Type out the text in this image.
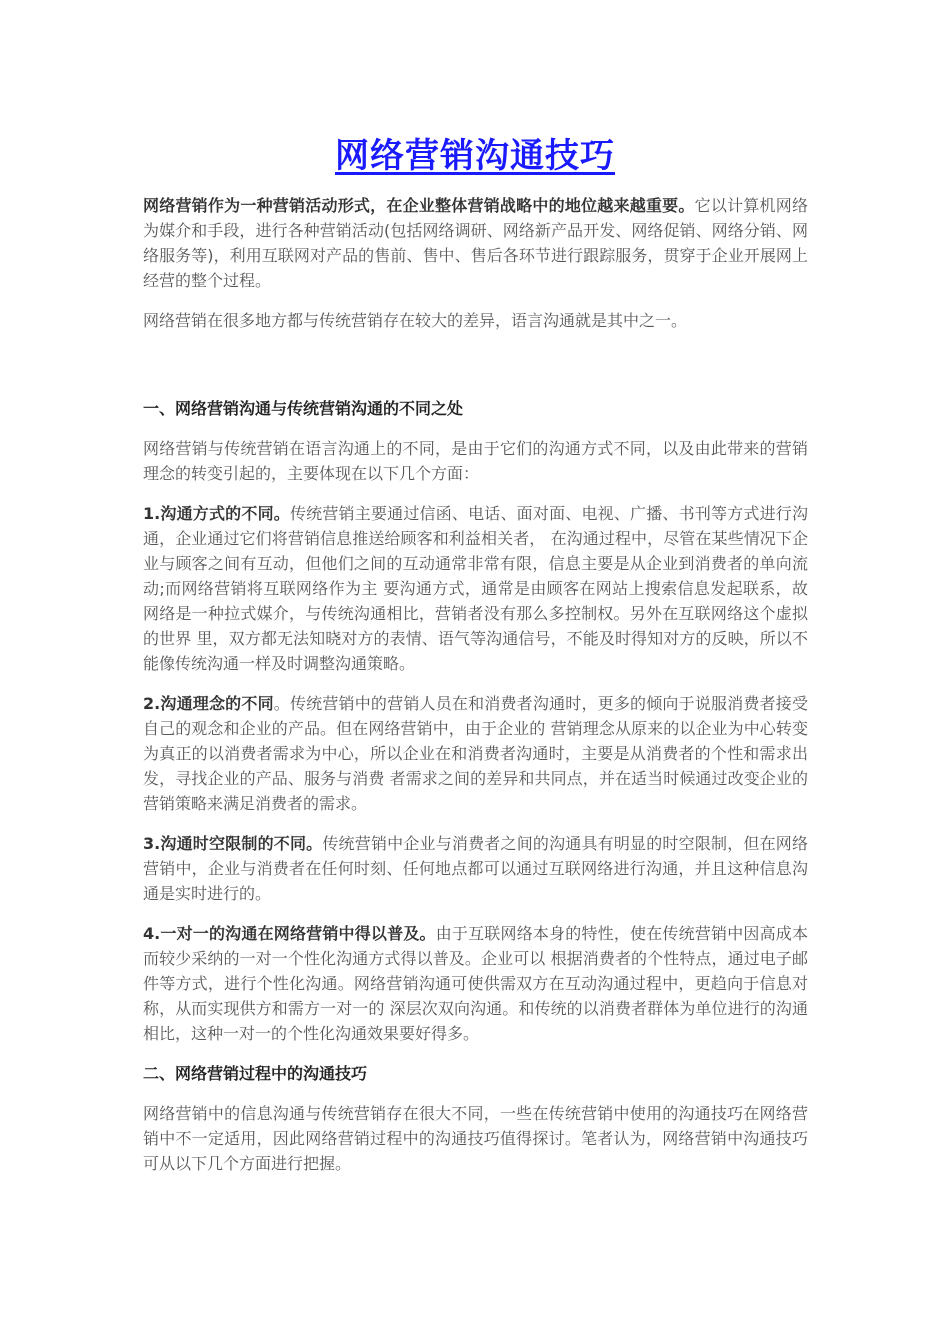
网络营销沟通技巧

网络营销作为一种营销活动形式，在企业整体营销战略中的地位越来越重要。它以计算机网络为媒介和手段，进行各种营销活动(包括网络调研、网络新产品开发、网络促销、网络分销、网络服务等)，利用互联网对产品的售前、售中、售后各环节进行跟踪服务，贯穿于企业开展网上经营的整个过程。

网络营销在很多地方都与传统营销存在较大的差异，语言沟通就是其中之一。

一、网络营销沟通与传统营销沟通的不同之处

网络营销与传统营销在语言沟通上的不同，是由于它们的沟通方式不同，以及由此带来的营销理念的转变引起的，主要体现在以下几个方面：

1.沟通方式的不同。传统营销主要通过信函、电话、面对面、电视、广播、书刊等方式进行沟通，企业通过它们将营销信息推送给顾客和利益相关者， 在沟通过程中，尽管在某些情况下企业与顾客之间有互动，但他们之间的互动通常非常有限，信息主要是从企业到消费者的单向流动;而网络营销将互联网络作为主 要沟通方式，通常是由顾客在网站上搜索信息发起联系，故网络是一种拉式媒介，与传统沟通相比，营销者没有那么多控制权。另外在互联网络这个虚拟的世界 里，双方都无法知晓对方的表情、语气等沟通信号，不能及时得知对方的反映，所以不能像传统沟通一样及时调整沟通策略。

2.沟通理念的不同。传统营销中的营销人员在和消费者沟通时，更多的倾向于说服消费者接受自己的观念和企业的产品。但在网络营销中，由于企业的 营销理念从原来的以企业为中心转变为真正的以消费者需求为中心，所以企业在和消费者沟通时，主要是从消费者的个性和需求出发，寻找企业的产品、服务与消费 者需求之间的差异和共同点，并在适当时候通过改变企业的营销策略来满足消费者的需求。

3.沟通时空限制的不同。传统营销中企业与消费者之间的沟通具有明显的时空限制，但在网络营销中，企业与消费者在任何时刻、任何地点都可以通过互联网络进行沟通，并且这种信息沟通是实时进行的。

4.一对一的沟通在网络营销中得以普及。由于互联网络本身的特性，使在传统营销中因高成本而较少采纳的一对一个性化沟通方式得以普及。企业可以 根据消费者的个性特点，通过电子邮件等方式，进行个性化沟通。网络营销沟通可使供需双方在互动沟通过程中，更趋向于信息对称，从而实现供方和需方一对一的 深层次双向沟通。和传统的以消费者群体为单位进行的沟通相比，这种一对一的个性化沟通效果要好得多。

二、网络营销过程中的沟通技巧

网络营销中的信息沟通与传统营销存在很大不同，一些在传统营销中使用的沟通技巧在网络营销中不一定适用，因此网络营销过程中的沟通技巧值得探讨。笔者认为，网络营销中沟通技巧可从以下几个方面进行把握。
